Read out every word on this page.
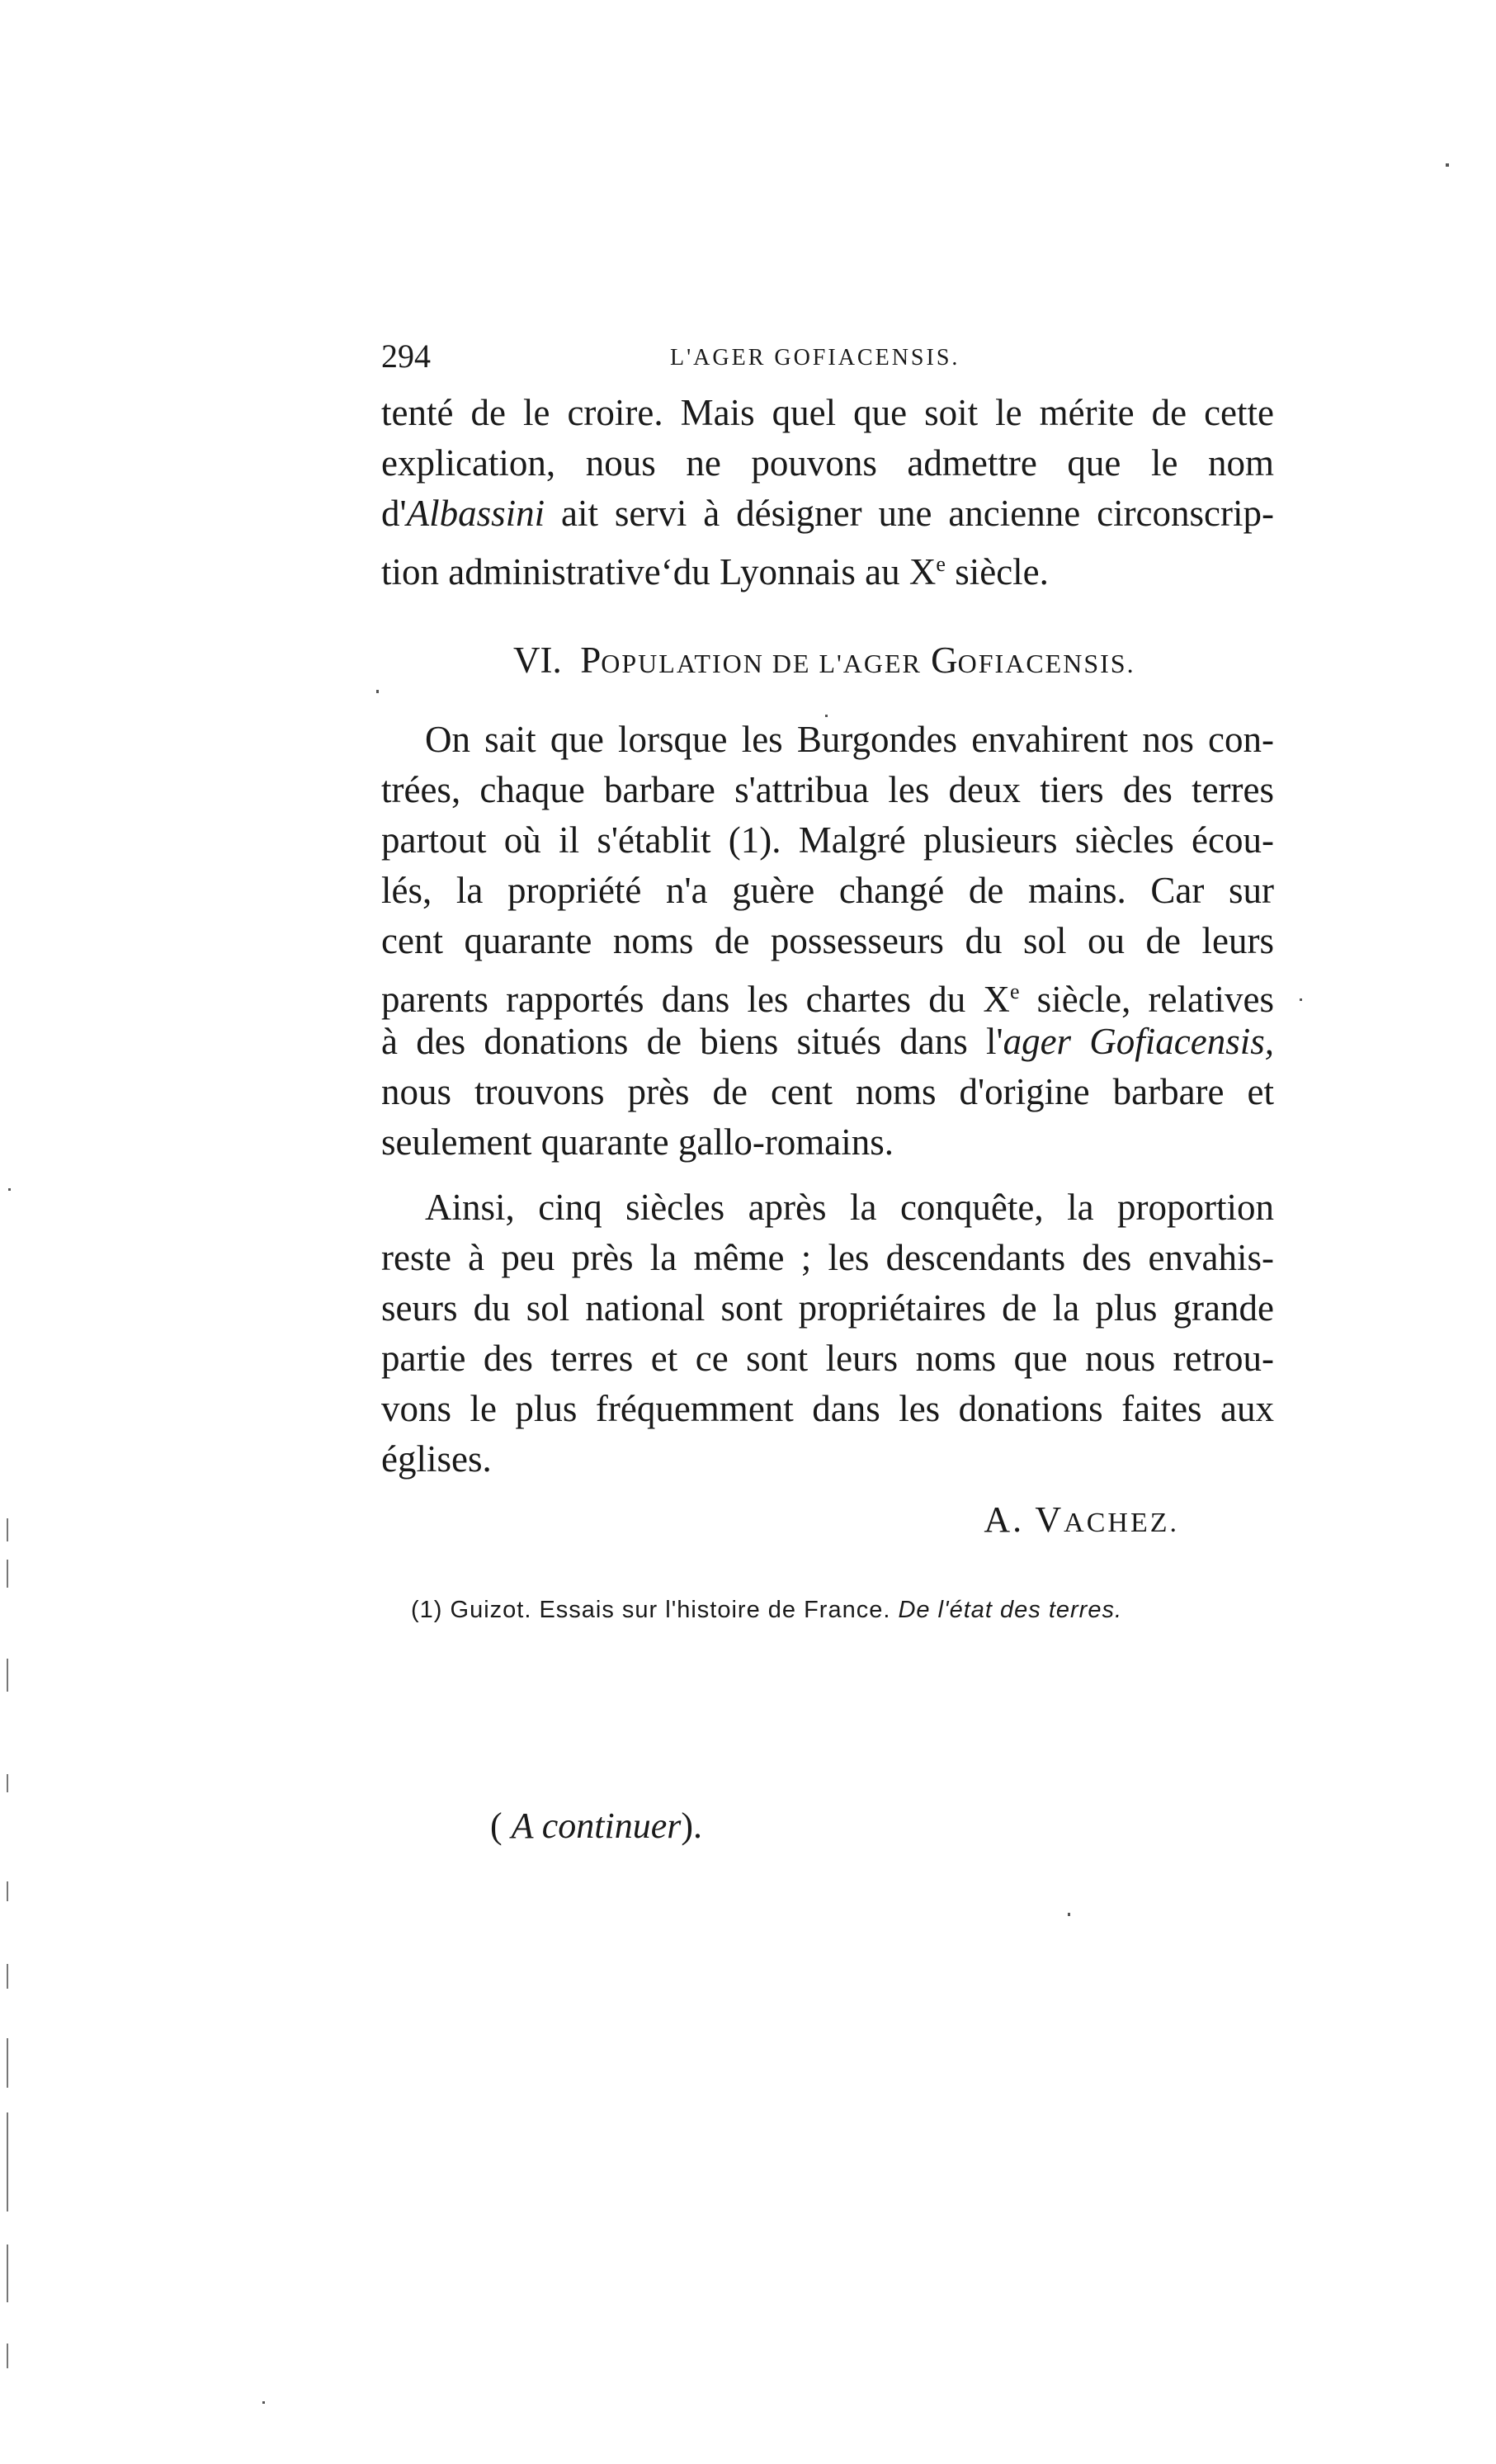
294	L'AGER GOFIACENSIS.
tenté de le croire. Mais quel que soit le mérite de cette
explication, nous ne pouvons admettre que le nom
d'Albassini ait servi à désigner une ancienne circonscrip-
tion administrativeʻdu Lyonnais au Xe siècle.
VI. POPULATION DE L'AGER GOFIACENSIS.
On sait que lorsque les Burgondes envahirent nos con-
trées, chaque barbare s'attribua les deux tiers des terres
partout où il s'établit (1). Malgré plusieurs siècles écou-
lés, la propriété n'a guère changé de mains. Car sur
cent quarante noms de possesseurs du sol ou de leurs
parents rapportés dans les chartes du Xe siècle, relatives
à des donations de biens situés dans l'ager Gofiacensis,
nous trouvons près de cent noms d'origine barbare et
seulement quarante gallo-romains.
Ainsi, cinq siècles après la conquête, la proportion
reste à peu près la même ; les descendants des envahis-
seurs du sol national sont propriétaires de la plus grande
partie des terres et ce sont leurs noms que nous retrou-
vons le plus fréquemment dans les donations faites aux
églises.
A. VACHEZ.
(1) Guizot. Essais sur l'histoire de France. De l'état des terres.
( A continuer).
